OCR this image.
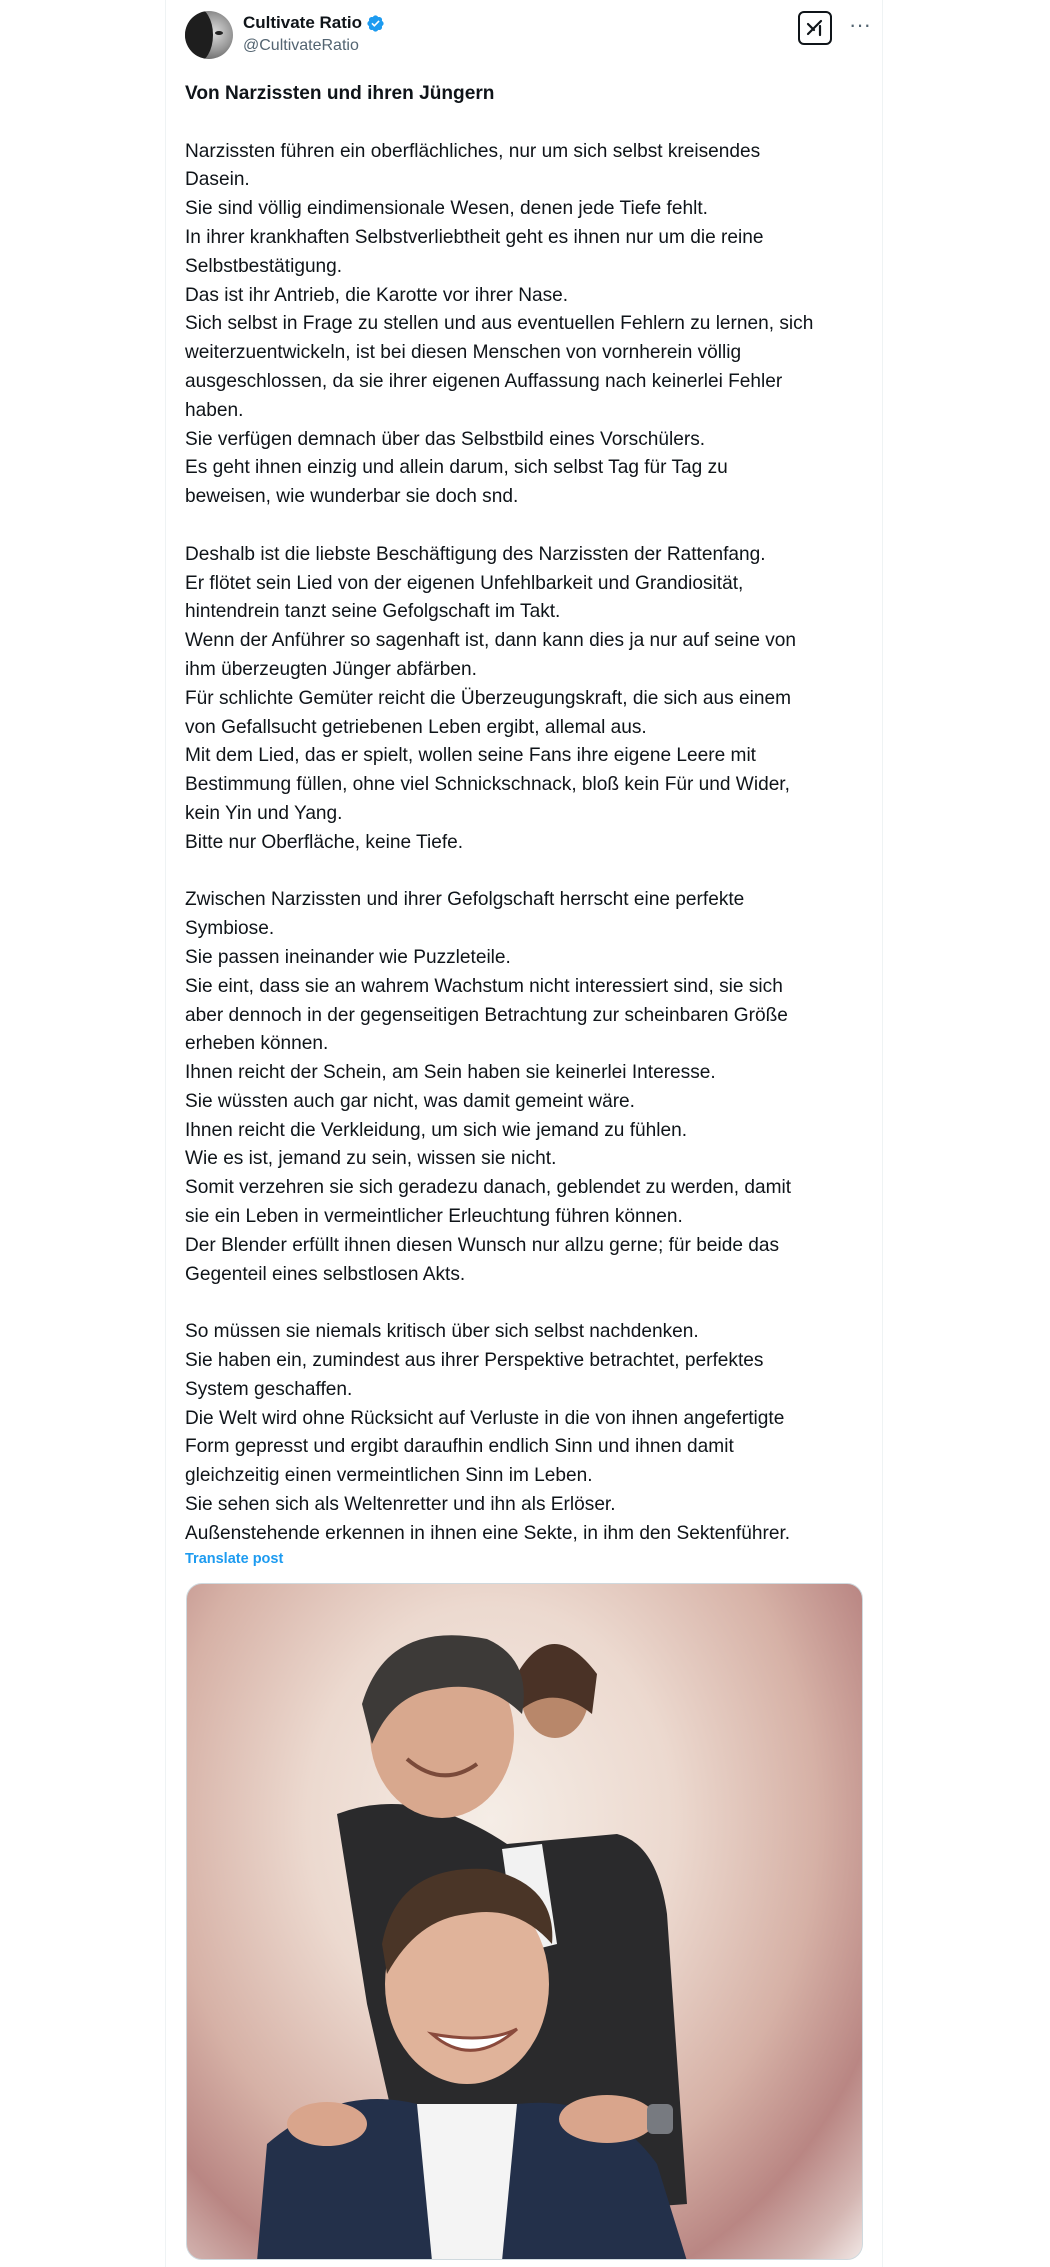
Cultivate Ratio
@CultivateRatio
···

Von Narzissten und ihren Jüngern

Narzissten führen ein oberflächliches, nur um sich selbst kreisendes

Dasein.

Sie sind völlig eindimensionale Wesen, denen jede Tiefe fehlt.

In ihrer krankhaften Selbstverliebtheit geht es ihnen nur um die reine

Selbstbestätigung.

Das ist ihr Antrieb, die Karotte vor ihrer Nase.

Sich selbst in Frage zu stellen und aus eventuellen Fehlern zu lernen, sich

weiterzuentwickeln, ist bei diesen Menschen von vornherein völlig

ausgeschlossen, da sie ihrer eigenen Auffassung nach keinerlei Fehler

haben.

Sie verfügen demnach über das Selbstbild eines Vorschülers.

Es geht ihnen einzig und allein darum, sich selbst Tag für Tag zu

beweisen, wie wunderbar sie doch snd.

Deshalb ist die liebste Beschäftigung des Narzissten der Rattenfang.

Er flötet sein Lied von der eigenen Unfehlbarkeit und Grandiosität,

hintendrein tanzt seine Gefolgschaft im Takt.

Wenn der Anführer so sagenhaft ist, dann kann dies ja nur auf seine von

ihm überzeugten Jünger abfärben.

Für schlichte Gemüter reicht die Überzeugungskraft, die sich aus einem

von Gefallsucht getriebenen Leben ergibt, allemal aus.

Mit dem Lied, das er spielt, wollen seine Fans ihre eigene Leere mit

Bestimmung füllen, ohne viel Schnickschnack, bloß kein Für und Wider,

kein Yin und Yang.

Bitte nur Oberfläche, keine Tiefe.

Zwischen Narzissten und ihrer Gefolgschaft herrscht eine perfekte

Symbiose.

Sie passen ineinander wie Puzzleteile.

Sie eint, dass sie an wahrem Wachstum nicht interessiert sind, sie sich

aber dennoch in der gegenseitigen Betrachtung zur scheinbaren Größe

erheben können.

Ihnen reicht der Schein, am Sein haben sie keinerlei Interesse.

Sie wüssten auch gar nicht, was damit gemeint wäre.

Ihnen reicht die Verkleidung, um sich wie jemand zu fühlen.

Wie es ist, jemand zu sein, wissen sie nicht.

Somit verzehren sie sich geradezu danach, geblendet zu werden, damit

sie ein Leben in vermeintlicher Erleuchtung führen können.

Der Blender erfüllt ihnen diesen Wunsch nur allzu gerne; für beide das

Gegenteil eines selbstlosen Akts.

So müssen sie niemals kritisch über sich selbst nachdenken.

Sie haben ein, zumindest aus ihrer Perspektive betrachtet, perfektes

System geschaffen.

Die Welt wird ohne Rücksicht auf Verluste in die von ihnen angefertigte

Form gepresst und ergibt daraufhin endlich Sinn und ihnen damit

gleichzeitig einen vermeintlichen Sinn im Leben.

Sie sehen sich als Weltenretter und ihn als Erlöser.

Außenstehende erkennen in ihnen eine Sekte, in ihm den Sektenführer.

Translate post
